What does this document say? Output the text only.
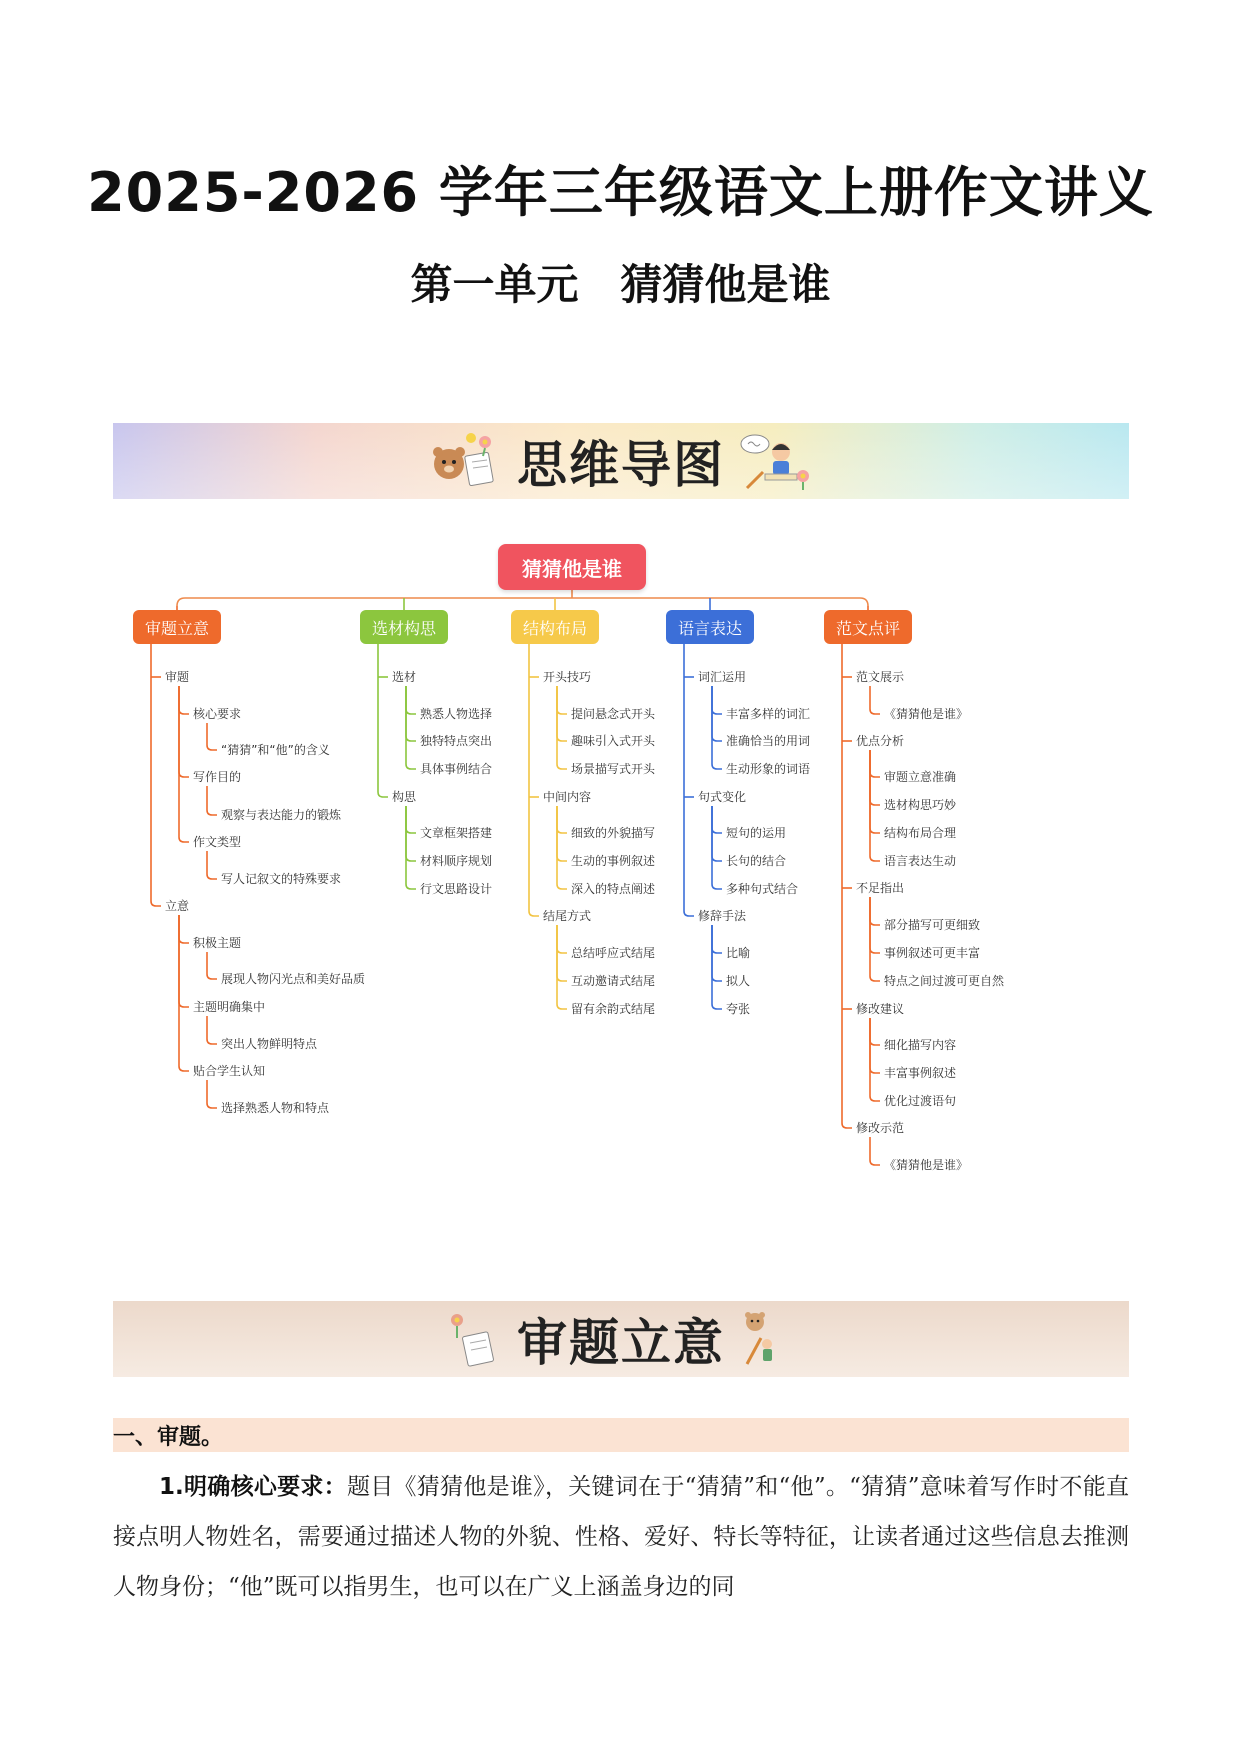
2025-2026 学年三年级语文上册作文讲义
第一单元　猜猜他是谁
思维导图
猜猜他是谁
审题立意
审题
核心要求
“猜猜”和“他”的含义
写作目的
观察与表达能力的锻炼
作文类型
写人记叙文的特殊要求
立意
积极主题
展现人物闪光点和美好品质
主题明确集中
突出人物鲜明特点
贴合学生认知
选择熟悉人物和特点
选材构思
选材
熟悉人物选择
独特特点突出
具体事例结合
构思
文章框架搭建
材料顺序规划
行文思路设计
结构布局
开头技巧
提问悬念式开头
趣味引入式开头
场景描写式开头
中间内容
细致的外貌描写
生动的事例叙述
深入的特点阐述
结尾方式
总结呼应式结尾
互动邀请式结尾
留有余韵式结尾
语言表达
词汇运用
丰富多样的词汇
准确恰当的用词
生动形象的词语
句式变化
短句的运用
长句的结合
多种句式结合
修辞手法
比喻
拟人
夸张
范文点评
范文展示
《猜猜他是谁》
优点分析
审题立意准确
选材构思巧妙
结构布局合理
语言表达生动
不足指出
部分描写可更细致
事例叙述可更丰富
特点之间过渡可更自然
修改建议
细化描写内容
丰富事例叙述
优化过渡语句
修改示范
《猜猜他是谁》
审题立意
一、审题。

1.明确核心要求：题目《猜猜他是谁》，关键词在于“猜猜”和“他”。“猜猜”意味着写作时不能直接点明人物姓名，需要通过描述人物的外貌、性格、爱好、特长等特征，让读者通过这些信息去推测人物身份；“他”既可以指男生，也可以在广义上涵盖身边的同
